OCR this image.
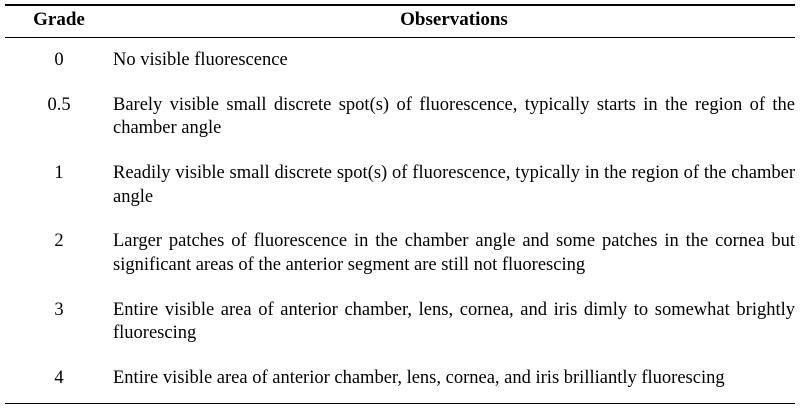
Grade	Observations
0	No visible fluorescence
0.5	Barely visible small discrete spot(s) of fluorescence, typically starts in the region of the chamber angle
1	Readily visible small discrete spot(s) of fluorescence, typically in the region of the chamber angle
2	Larger patches of fluorescence in the chamber angle and some patches in the cornea but significant areas of the anterior segment are still not fluorescing
3	Entire visible area of anterior chamber, lens, cornea, and iris dimly to somewhat brightly fluorescing
4	Entire visible area of anterior chamber, lens, cornea, and iris brilliantly fluorescing
